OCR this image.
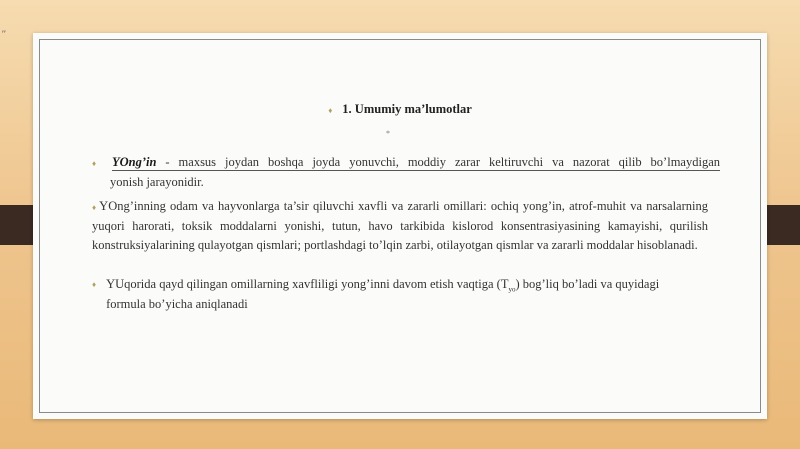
′′
♦ 1. Umumiy ma’lumotlar
*
♦ YOng’in - maxsus joydan boshqa joyda yonuvchi, moddiy zarar keltiruvchi va nazorat qilib bo’lmaydigan
yonish jarayonidir.
♦ YOng’inning odam va hayvonlarga ta’sir qiluvchi xavfli va zararli omillari: ochiq yong’in, atrof-muhit va narsalarning yuqori harorati, toksik moddalarni yonishi, tutun, havo tarkibida kislorod konsentrasiyasining kamayishi, qurilish konstruksiyalarining qulayotgan qismlari; portlashdagi to’lqin zarbi, otilayotgan qismlar va zararli moddalar hisoblanadi.
♦ YUqorida qayd qilingan omillarning xavfliligi yong’inni davom etish vaqtiga $(T_{yo})$ bog’liq bo’ladi va quyidagi formula bo’yicha aniqlanadi
